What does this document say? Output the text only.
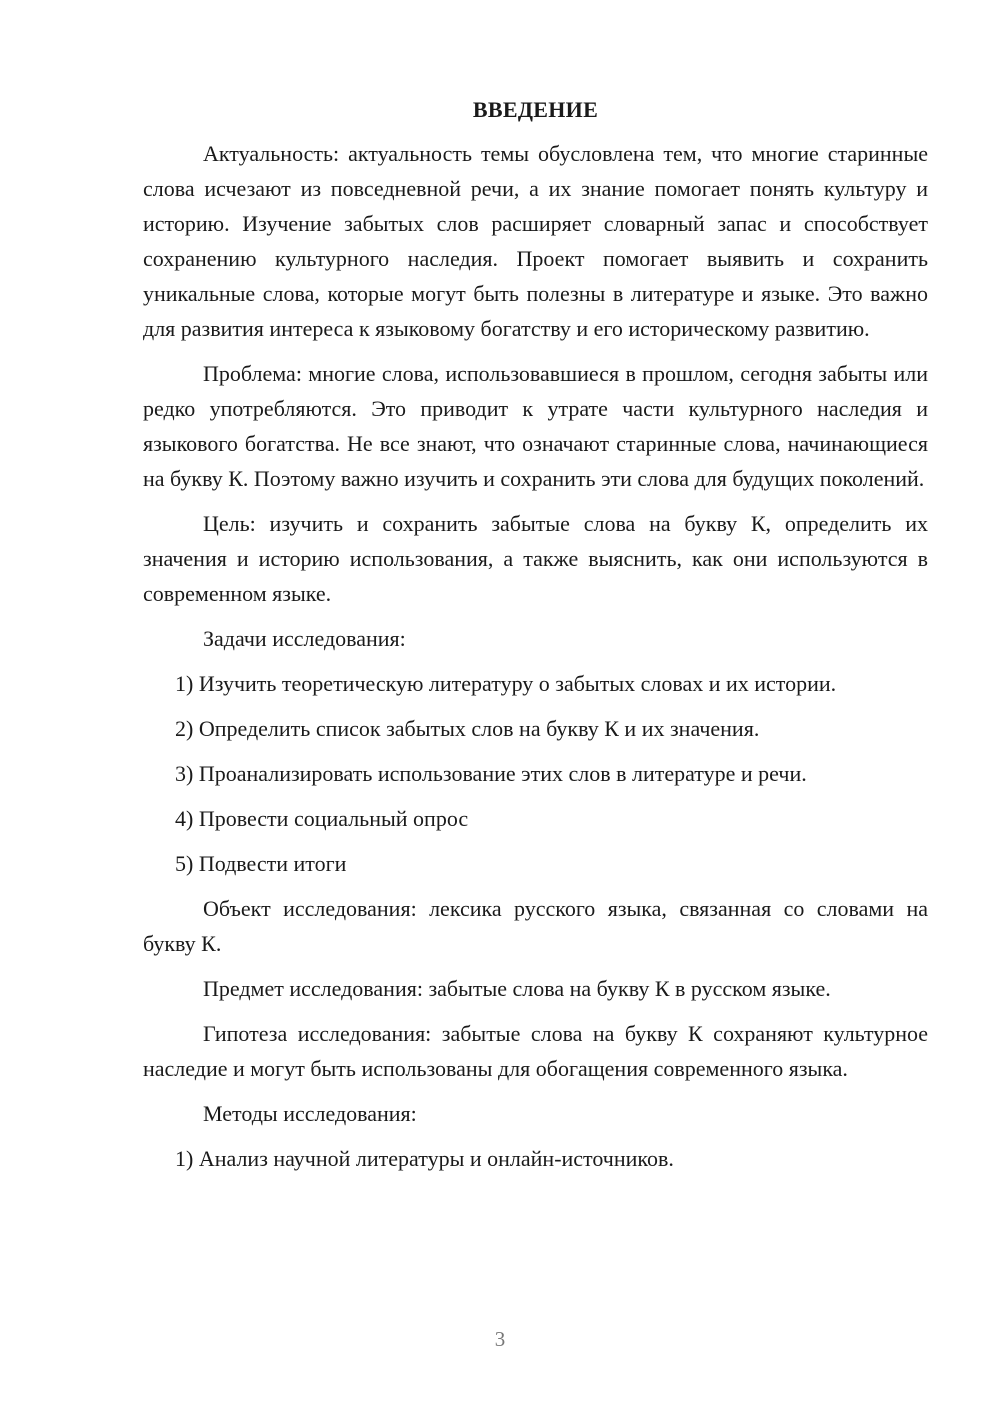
ВВЕДЕНИЕ

Актуальность: актуальность темы обусловлена тем, что многие старинные слова исчезают из повседневной речи, а их знание помогает понять культуру и историю. Изучение забытых слов расширяет словарный запас и способствует сохранению культурного наследия. Проект помогает выявить и сохранить уникальные слова, которые могут быть полезны в литературе и языке. Это важно для развития интереса к языковому богатству и его историческому развитию.

Проблема: многие слова, использовавшиеся в прошлом, сегодня забыты или редко употребляются. Это приводит к утрате части культурного наследия и языкового богатства. Не все знают, что означают старинные слова, начинающиеся на букву К. Поэтому важно изучить и сохранить эти слова для будущих поколений.

Цель: изучить и сохранить забытые слова на букву К, определить их значения и историю использования, а также выяснить, как они используются в современном языке.

Задачи исследования:

1) Изучить теоретическую литературу о забытых словах и их истории.

2) Определить список забытых слов на букву К и их значения.

3) Проанализировать использование этих слов в литературе и речи.

4) Провести социальный опрос

5) Подвести итоги

Объект исследования: лексика русского языка, связанная со словами на букву К.

Предмет исследования: забытые слова на букву К в русском языке.

Гипотеза исследования: забытые слова на букву К сохраняют культурное наследие и могут быть использованы для обогащения современного языка.

Методы исследования:

1) Анализ научной литературы и онлайн-источников.

3
